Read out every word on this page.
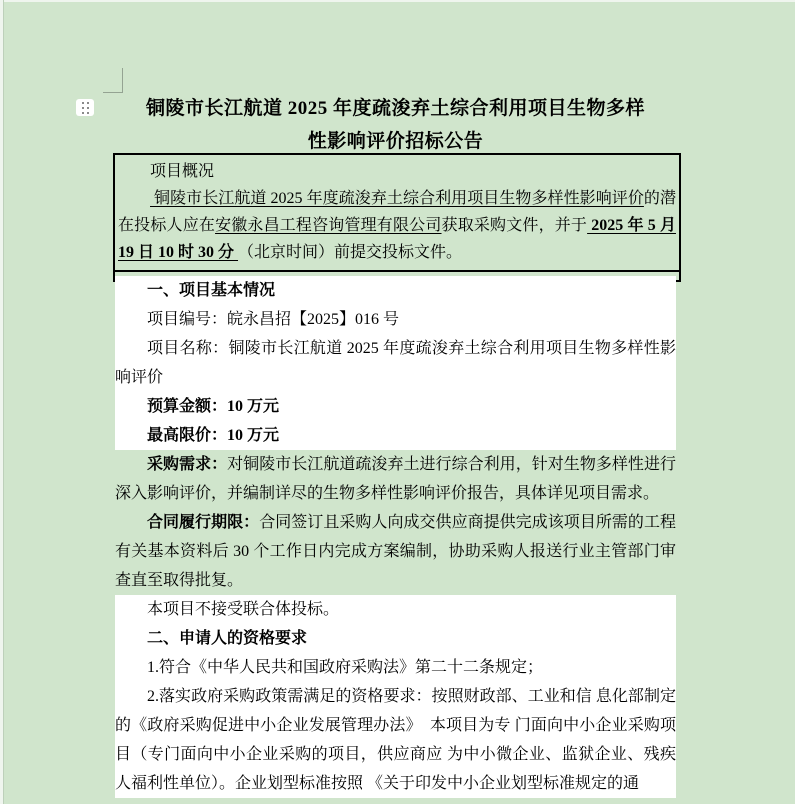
铜陵市长江航道 2025 年度疏浚弃土综合利用项目生物多样
性影响评价招标公告

项目概况

铜陵市长江航道 2025 年度疏浚弃土综合利用项目生物多样性影响评价的潜在投标人应在安徽永昌工程咨询管理有限公司获取采购文件，并于 2025 年 5 月 19 日 10 时 30 分 （北京时间）前提交投标文件。

一、项目基本情况

项目编号：皖永昌招【2025】016 号

项目名称：铜陵市长江航道 2025 年度疏浚弃土综合利用项目生物多样性影响评价

预算金额：10 万元

最高限价：10 万元

采购需求：对铜陵市长江航道疏浚弃土进行综合利用，针对生物多样性进行深入影响评价，并编制详尽的生物多样性影响评价报告，具体详见项目需求。

合同履行期限：合同签订且采购人向成交供应商提供完成该项目所需的工程有关基本资料后 30 个工作日内完成方案编制，协助采购人报送行业主管部门审查直至取得批复。

本项目不接受联合体投标。

二、申请人的资格要求

1.符合《中华人民共和国政府采购法》第二十二条规定；

2.落实政府采购政策需满足的资格要求：按照财政部、工业和信 息化部制定的《政府采购促进中小企业发展管理办法》　本项目为专 门面向中小企业采购项目（专门面向中小企业采购的项目，供应商应 为中小微企业、监狱企业、残疾人福利性单位）。企业划型标准按照 《关于印发中小企业划型标准规定的通
